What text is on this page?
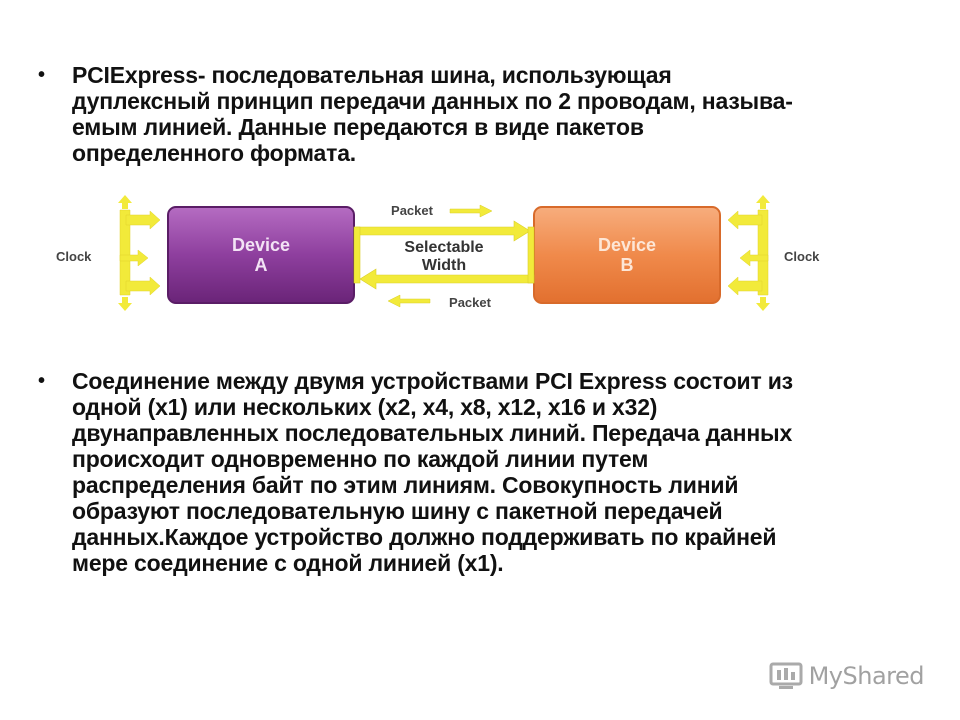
• PCIExpress- последовательная шина, использующая
дуплексный принцип передачи данных по 2 проводам, называ-
емым линией. Данные передаются в виде пакетов
определенного формата.
Clock
Device
A
Device
B
Packet
Packet
Selectable
Width
Clock
• Соединение между двумя устройствами PCI Express состоит из
одной (x1) или нескольких (x2, x4, x8, x12, x16 и x32)
двунаправленных последовательных линий. Передача данных
происходит одновременно по каждой линии путем
распределения байт по этим линиям. Совокупность линий
образуют последовательную шину с пакетной передачей
данных.Каждое устройство должно поддерживать по крайней
мере соединение с одной линией (x1).
MyShared
